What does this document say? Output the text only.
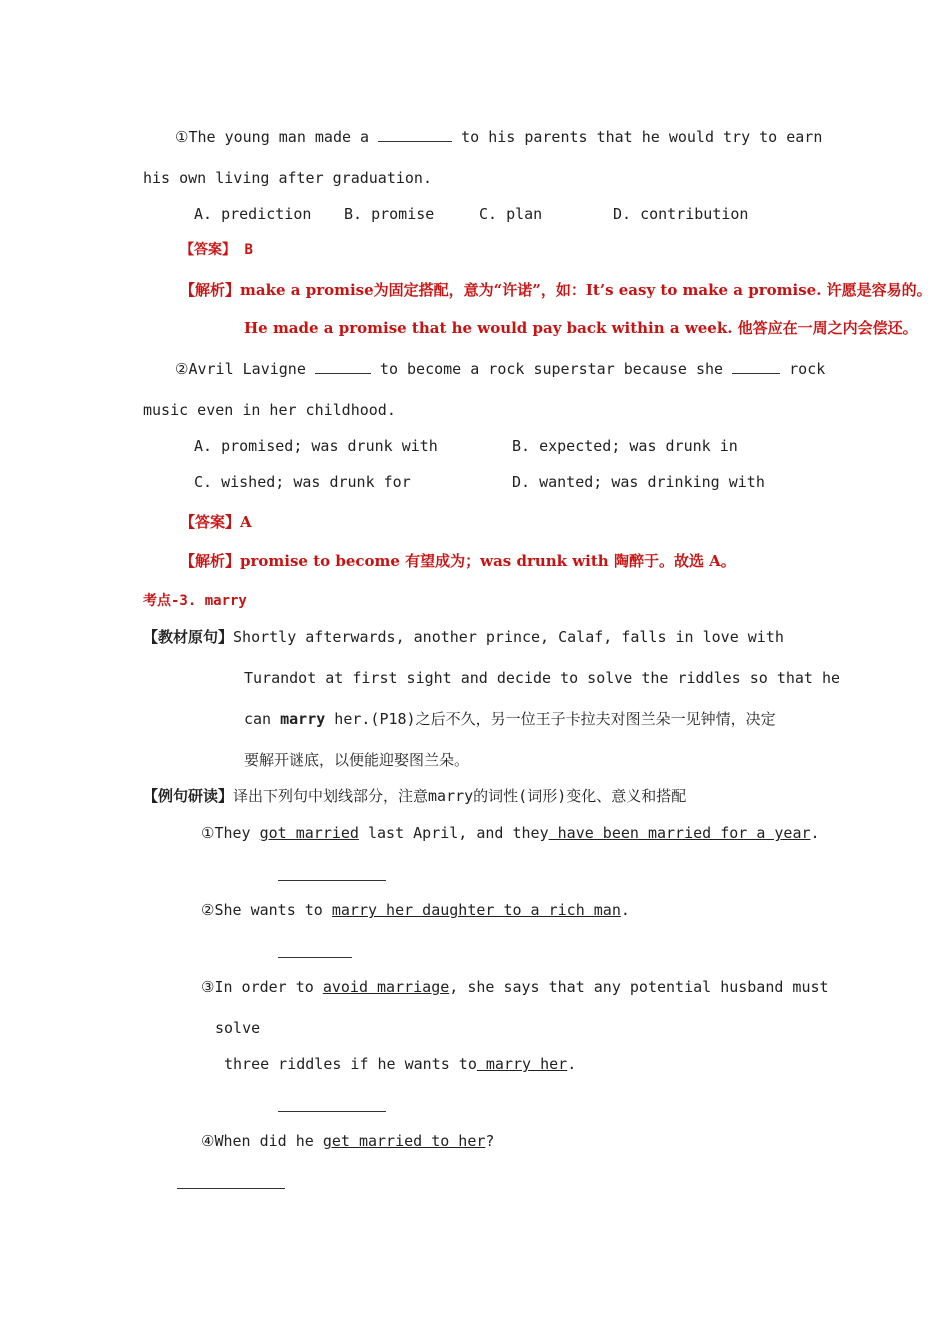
①The young man made a	to his parents that he would try to earn
his own living after graduation.
A. prediction B. promise	C. plan	D. contribution
【答案】 B
【解析】make a promise为固定搭配，意为“许诺”，如：It’s easy to make a promise. 许愿是容易的。
He made a promise that he would pay back within a week. 他答应在一周之内会偿还。
②Avril Lavigne	to become a rock superstar because she	rock
music even in her childhood.
A. promised; was drunk with	B. expected; was drunk in
C. wished; was drunk for	D. wanted; was drinking with
【答案】A
【解析】promise to become 有望成为；was drunk with 陶醉于。故选 A。
考点-3. marry
【教材原句】Shortly afterwards, another prince, Calaf, falls in love with
Turandot at first sight and decide to solve the riddles so that he
can marry her.(P18)之后不久，另一位王子卡拉夫对图兰朵一见钟情，决定
要解开谜底，以便能迎娶图兰朵。
【例句研读】译出下列句中划线部分，注意marry的词性(词形)变化、意义和搭配
①They got married last April, and they have been married for a year.
②She wants to marry her daughter to a rich man.
③In order to avoid marriage, she says that any potential husband must
solve
three riddles if he wants to marry her.
④When did he get married to her?
